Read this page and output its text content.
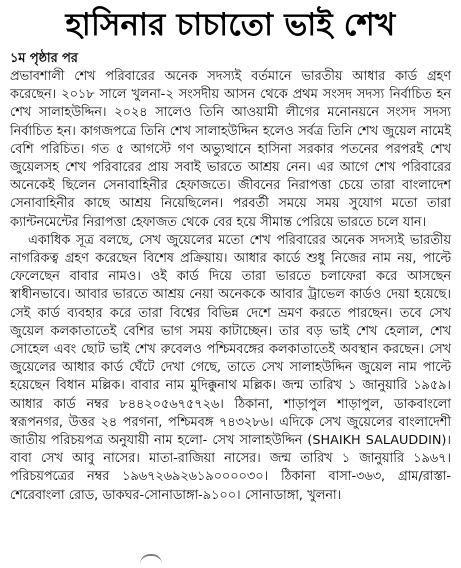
হাসিনার চাচাতো ভাই শেখ
১ম পৃষ্ঠার পর

প্রভাবশালী শেখ পরিবারের অনেক সদস্যই বর্তমানে ভারতীয় আধার কার্ড গ্রহণ করেছেন। ২০১৮ সালে খুলনা-২ সংসদীয় আসন থেকে প্রথম সংসদ সদস্য নির্বাচিত হন শেখ সালাহউদ্দিন। ২০২৪ সালেও তিনি আওয়ামী লীগের মনোনয়নে সংসদ সদস্য নির্বাচিত হন। কাগজপত্রে তিনি শেখ সালাহউদ্দিন হলেও সর্বত্র তিনি শেখ জুয়েল নামেই বেশি পরিচিত। গত ৫ আগস্টে গণ অভ্যুত্থানে হাসিনা সরকার পতনের পরপরই শেখ জুয়েলসহ শেখ পরিবারের প্রায় সবাই ভারতে আশ্রয় নেন। এর আগে শেখ পরিবারের অনেকেই ছিলেন সেনাবাহিনীর হেফাজতে। জীবনের নিরাপত্তা চেয়ে তারা বাংলাদেশ সেনাবাহিনীর কাছে আশ্রয় নিয়েছিলেন। পরবর্তী সময়ে সময় সুযোগ মতো তারা ক্যান্টনমেন্টের নিরাপত্তা হেফাজত থেকে বের হয়ে সীমান্ত পেরিয়ে ভারতে চলে যান।

একাধিক সূত্র বলছে, সেখ জুয়েলের মতো শেখ পরিবারের অনেক সদস্যই ভারতীয় নাগরিকত্ব গ্রহণ করেছেন বিশেষ প্রক্রিয়ায়। আধার কার্ডে শুধু নিজের নাম নয়, পাল্টে ফেলেছেন বাবার নামও। ওই কার্ড দিয়ে তারা ভারতে চলাফেরা করে আসছেন স্বাধীনভাবে। আবার ভারতে আশ্রয় নেয়া অনেককে আবার ট্রাভেল কার্ডও দেয়া হয়েছে। সেই কার্ড ব্যবহার করে তারা বিশ্বের বিভিন্ন দেশে ভ্রমণ করতে পারছেন। তবে সেখ জুয়েল কলকাতাতেই বেশির ভাগ সময় কাটাচ্ছেন। তার বড় ভাই শেখ হেলাল, শেখ সোহেল এবং ছোট ভাই শেখ রুবেলও পশ্চিমবঙ্গের কলকাতাতেই অবস্থান করছেন। সেখ জুয়েলের আধার কার্ড ঘেঁটে দেখা গেছে, তাতে সেখ সালাহউদ্দিন জুয়েল নাম পাল্টে হয়েছেন বিধান মল্লিক। বাবার নাম মুদিক্কুনাথ মল্লিক। জন্ম তারিখ ১ জানুয়ারি ১৯৫৯। আধার কার্ড নম্বর ৮৪৪২০৫৬৭৫৭২৬। ঠিকানা, শাড়াপুল শাড়াপুল, ডাকবাংলো স্বরূপনগর, উত্তর ২৪ পরগনা, পশ্চিমবঙ্গ ৭৪৩২৮৬। এদিকে সেখ জুয়েলের বাংলাদেশী জাতীয় পরিচয়পত্র অনুযায়ী নাম হলো- সেখ সালাহউদ্দিন (SHAIKH SALAUDDIN)। বাবা সেখ আবু নাসের। মাতা-রাজিয়া নাসের। জন্ম তারিখ ১ জানুয়ারি ১৯৬৭। পরিচয়পত্রের নম্বর ১৯৬৭২৬৯২৬১৯০০০০৩০। ঠিকানা বাসা-৩৬৩, গ্রাম/রাস্তা- শেরেবাংলা রোড, ডাকঘর-সোনাডাঙ্গা-৯১০০। সোনাডাঙ্গা, খুলনা।
